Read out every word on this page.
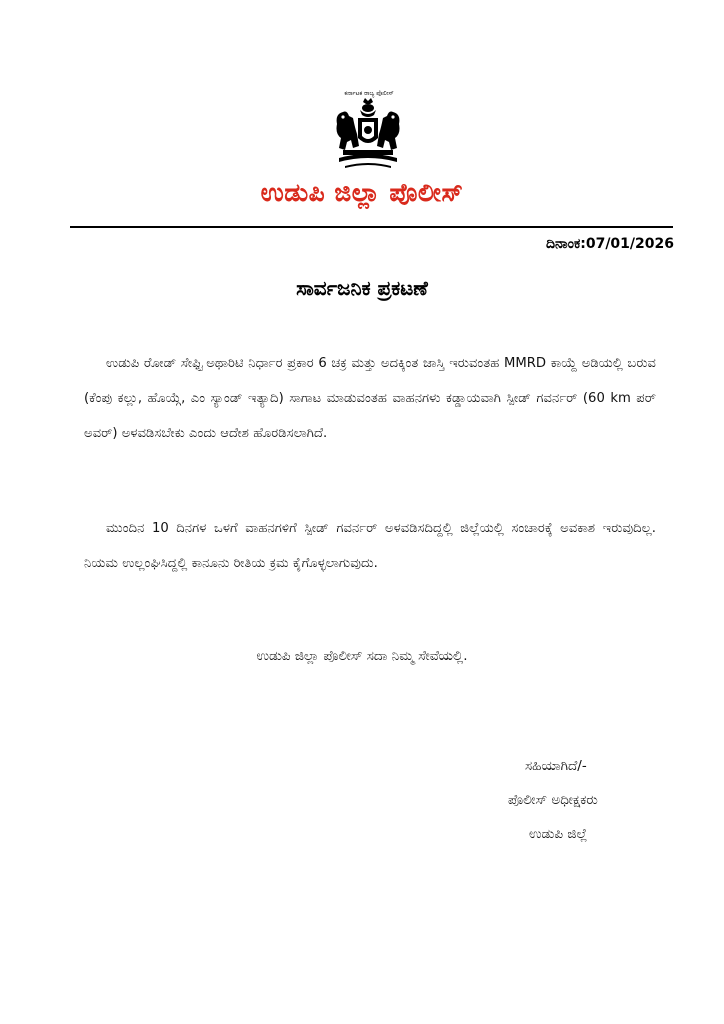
ಕರ್ನಾಟಕ ರಾಜ್ಯ ಪೊಲೀಸ್
ಉಡುಪಿ ಜಿಲ್ಲಾ ಪೊಲೀಸ್
ದಿನಾಂಕ:07/01/2026
ಸಾರ್ವಜನಿಕ ಪ್ರಕಟಣೆ

ಉಡುಪಿ ರೋಡ್ ಸೇಫ್ಟಿ ಅಥಾರಿಟಿ ನಿರ್ಧಾರ ಪ್ರಕಾರ 6 ಚಕ್ರ ಮತ್ತು ಅದಕ್ಕಿಂತ ಜಾಸ್ತಿ ಇರುವಂತಹ MMRD ಕಾಯ್ದೆ ಅಡಿಯಲ್ಲಿ ಬರುವ (ಕೆಂಪು ಕಲ್ಲು, ಹೊಯ್ಗೆ, ಎಂ ಸ್ಯಾಂಡ್ ಇತ್ಯಾದಿ) ಸಾಗಾಟ ಮಾಡುವಂತಹ ವಾಹನಗಳು ಕಡ್ಡಾಯವಾಗಿ ಸ್ಪೀಡ್ ಗವರ್ನರ್ (60 km ಪರ್ ಅವರ್) ಅಳವಡಿಸಬೇಕು ಎಂದು ಆದೇಶ ಹೊರಡಿಸಲಾಗಿದೆ.

ಮುಂದಿನ 10 ದಿನಗಳ ಒಳಗೆ ವಾಹನಗಳಿಗೆ ಸ್ಪೀಡ್ ಗವರ್ನರ್ ಅಳವಡಿಸದಿದ್ದಲ್ಲಿ ಜಿಲ್ಲೆಯಲ್ಲಿ ಸಂಚಾರಕ್ಕೆ ಅವಕಾಶ ಇರುವುದಿಲ್ಲ. ನಿಯಮ ಉಲ್ಲಂಘಿಸಿದ್ದಲ್ಲಿ ಕಾನೂನು ರೀತಿಯ ಕ್ರಮ ಕೈಗೊಳ್ಳಲಾಗುವುದು.

ಉಡುಪಿ ಜಿಲ್ಲಾ ಪೊಲೀಸ್ ಸದಾ ನಿಮ್ಮ ಸೇವೆಯಲ್ಲಿ.
ಸಹಿಯಾಗಿದೆ/-
ಪೊಲೀಸ್ ಅಧೀಕ್ಷಕರು
ಉಡುಪಿ ಜಿಲ್ಲೆ
